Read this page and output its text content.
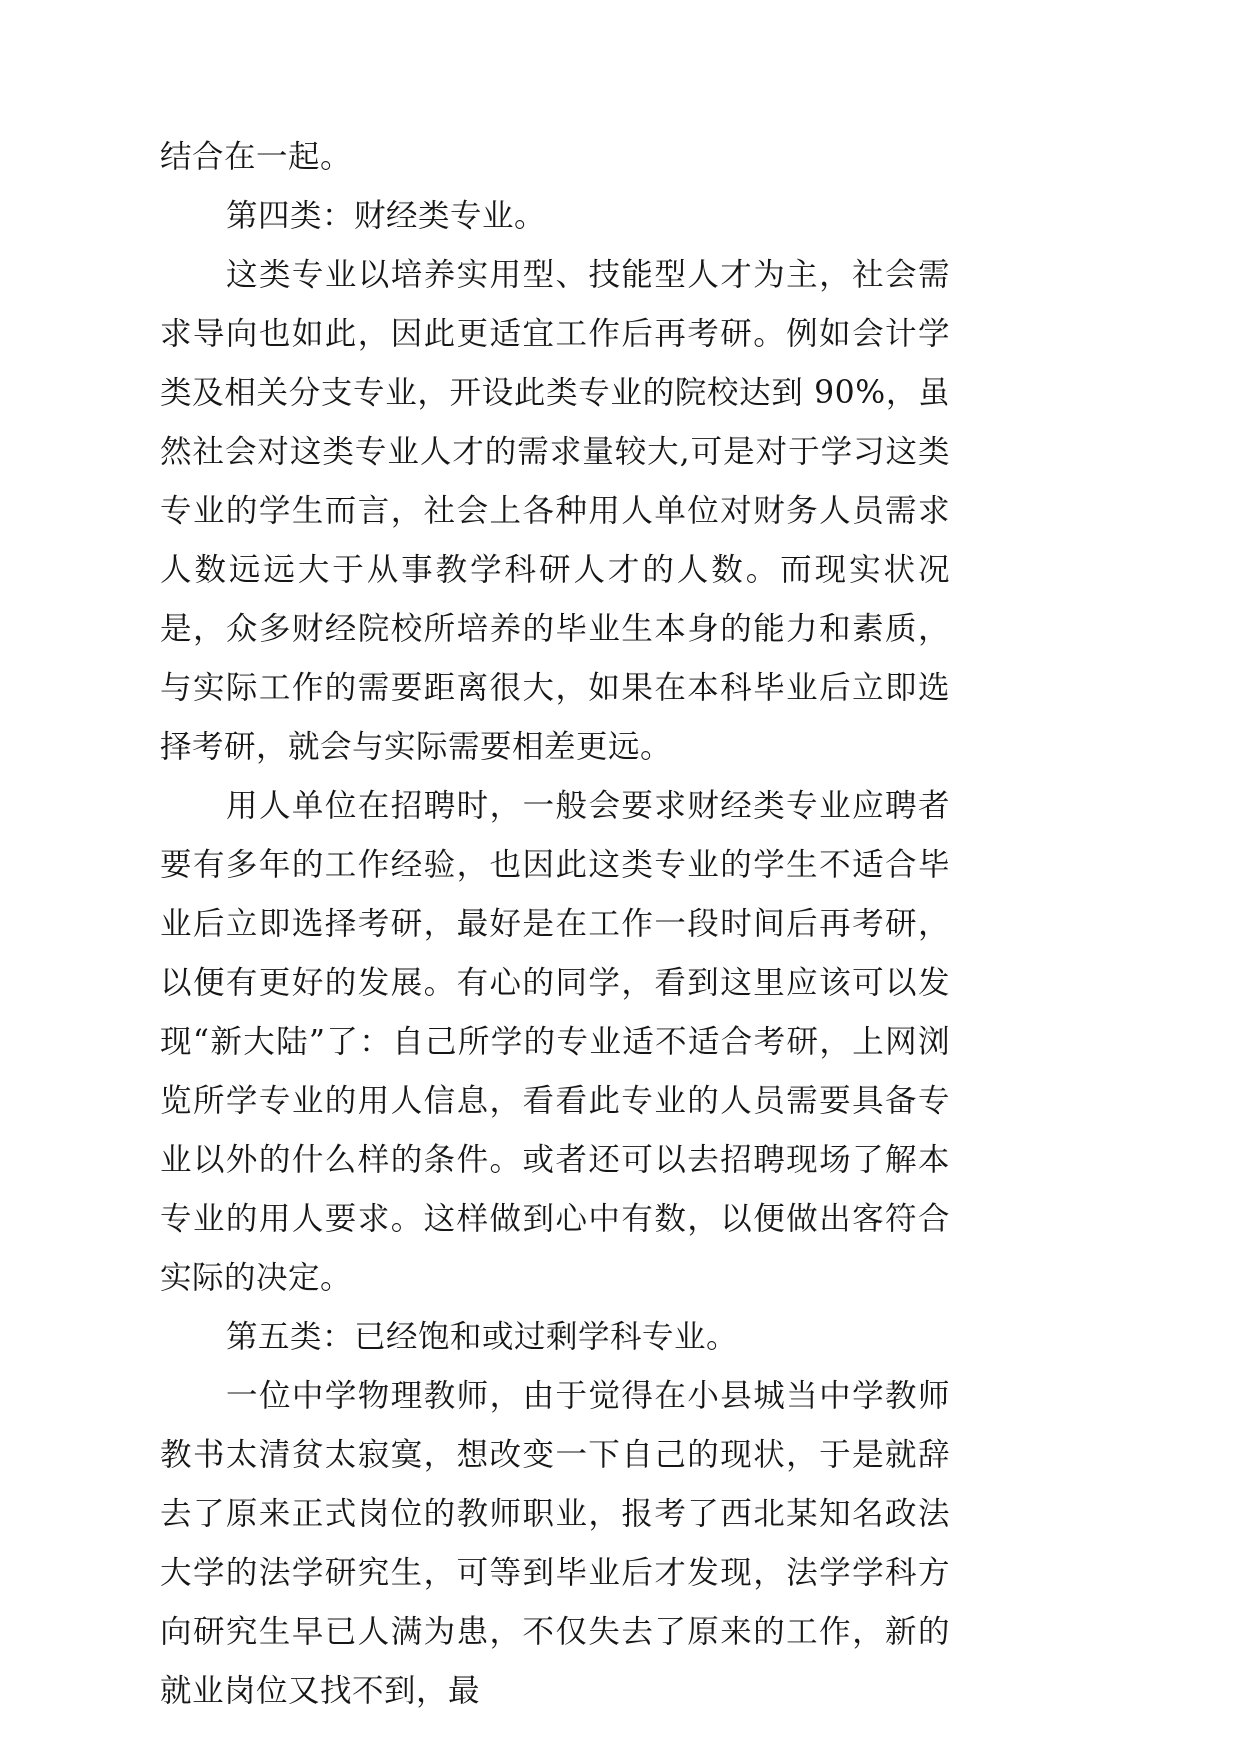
结合在一起。

第四类：财经类专业。

这类专业以培养实用型、技能型人才为主，社会需求导向也如此，因此更适宜工作后再考研。例如会计学类及相关分支专业，开设此类专业的院校达到 90%，虽然社会对这类专业人才的需求量较大,可是对于学习这类专业的学生而言，社会上各种用人单位对财务人员需求人数远远大于从事教学科研人才的人数。而现实状况是，众多财经院校所培养的毕业生本身的能力和素质，与实际工作的需要距离很大，如果在本科毕业后立即选择考研，就会与实际需要相差更远。

用人单位在招聘时，一般会要求财经类专业应聘者要有多年的工作经验，也因此这类专业的学生不适合毕业后立即选择考研，最好是在工作一段时间后再考研，以便有更好的发展。有心的同学，看到这里应该可以发现“新大陆”了：自己所学的专业适不适合考研，上网浏览所学专业的用人信息，看看此专业的人员需要具备专业以外的什么样的条件。或者还可以去招聘现场了解本专业的用人要求。这样做到心中有数，以便做出客符合实际的决定。

第五类：已经饱和或过剩学科专业。

一位中学物理教师，由于觉得在小县城当中学教师教书太清贫太寂寞，想改变一下自己的现状，于是就辞去了原来正式岗位的教师职业，报考了西北某知名政法大学的法学研究生，可等到毕业后才发现，法学学科方向研究生早已人满为患，不仅失去了原来的工作，新的就业岗位又找不到，最
